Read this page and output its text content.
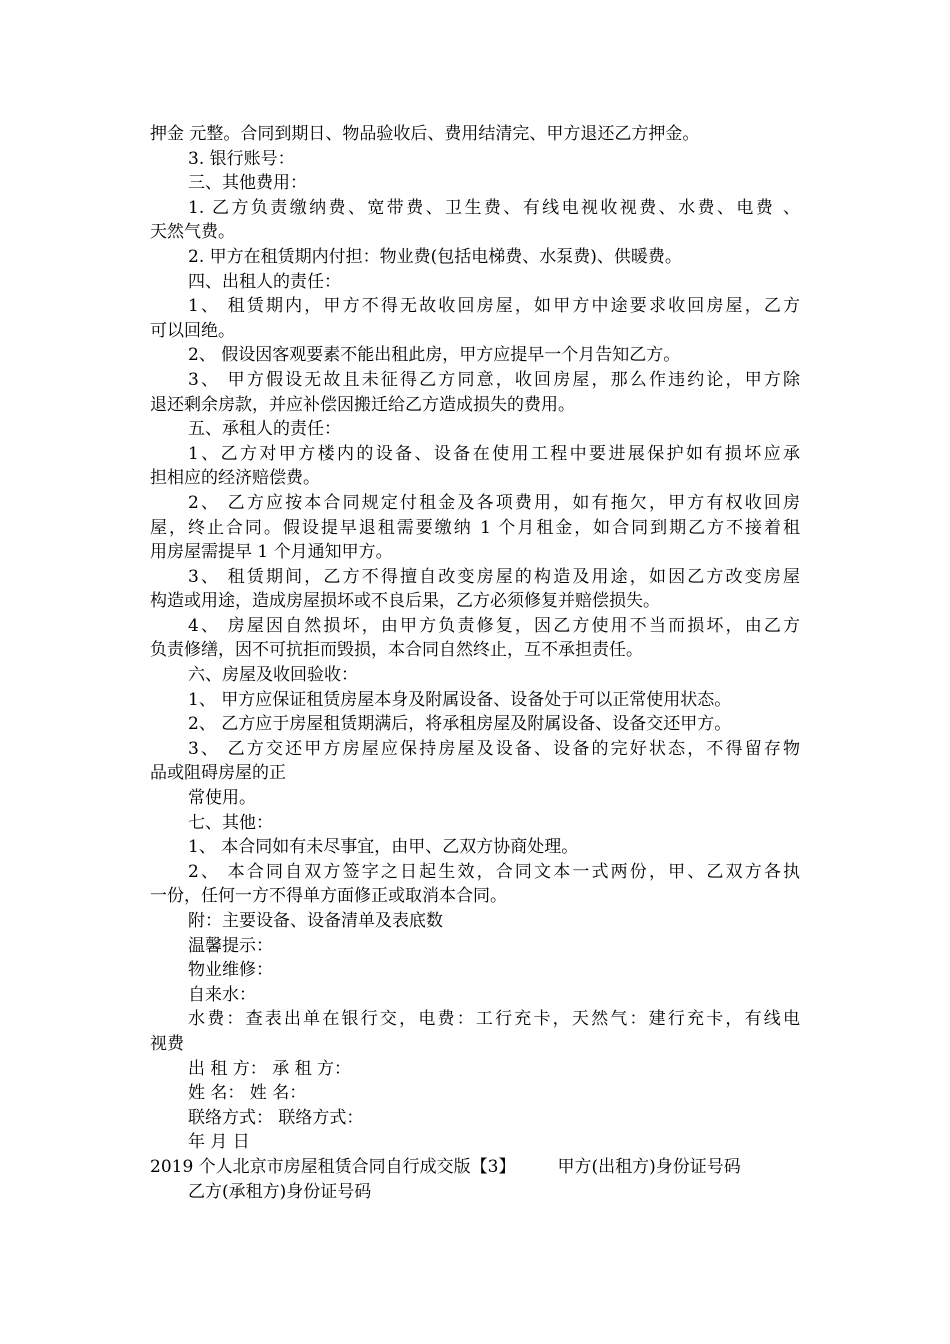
押金 元整。合同到期日、物品验收后、费用结清完、甲方退还乙方押金。
3. 银行账号：
三、其他费用：
1. 乙方负责缴纳费、宽带费、卫生费、有线电视收视费、水费、电费 、
天然气费。
2. 甲方在租赁期内付担：物业费(包括电梯费、水泵费)、供暖费。
四、出租人的责任：
1、 租赁期内，甲方不得无故收回房屋，如甲方中途要求收回房屋，乙方
可以回绝。
2、 假设因客观要素不能出租此房，甲方应提早一个月告知乙方。
3、 甲方假设无故且未征得乙方同意，收回房屋，那么作违约论，甲方除
退还剩余房款，并应补偿因搬迁给乙方造成损失的费用。
五、承租人的责任：
1、乙方对甲方楼内的设备、设备在使用工程中要进展保护如有损坏应承
担相应的经济赔偿费。
2、 乙方应按本合同规定付租金及各项费用，如有拖欠，甲方有权收回房
屋，终止合同。假设提早退租需要缴纳 1 个月租金，如合同到期乙方不接着租
用房屋需提早 1 个月通知甲方。
3、 租赁期间，乙方不得擅自改变房屋的构造及用途，如因乙方改变房屋
构造或用途，造成房屋损坏或不良后果，乙方必须修复并赔偿损失。
4、 房屋因自然损坏，由甲方负责修复，因乙方使用不当而损坏，由乙方
负责修缮，因不可抗拒而毁损，本合同自然终止，互不承担责任。
六、房屋及收回验收：
1、 甲方应保证租赁房屋本身及附属设备、设备处于可以正常使用状态。
2、 乙方应于房屋租赁期满后，将承租房屋及附属设备、设备交还甲方。
3、 乙方交还甲方房屋应保持房屋及设备、设备的完好状态，不得留存物
品或阻碍房屋的正
常使用。
七、其他：
1、 本合同如有未尽事宜，由甲、乙双方协商处理。
2、 本合同自双方签字之日起生效，合同文本一式两份，甲、乙双方各执
一份，任何一方不得单方面修正或取消本合同。
附：主要设备、设备清单及表底数
温馨提示：
物业维修：
自来水：
水费：查表出单在银行交，电费：工行充卡，天然气：建行充卡，有线电
视费
出 租 方： 承 租 方：
姓 名： 姓 名：
联络方式： 联络方式：
年 月 日
2019 个人北京市房屋租赁合同自行成交版【3】 甲方(出租方)身份证号码
乙方(承租方)身份证号码
